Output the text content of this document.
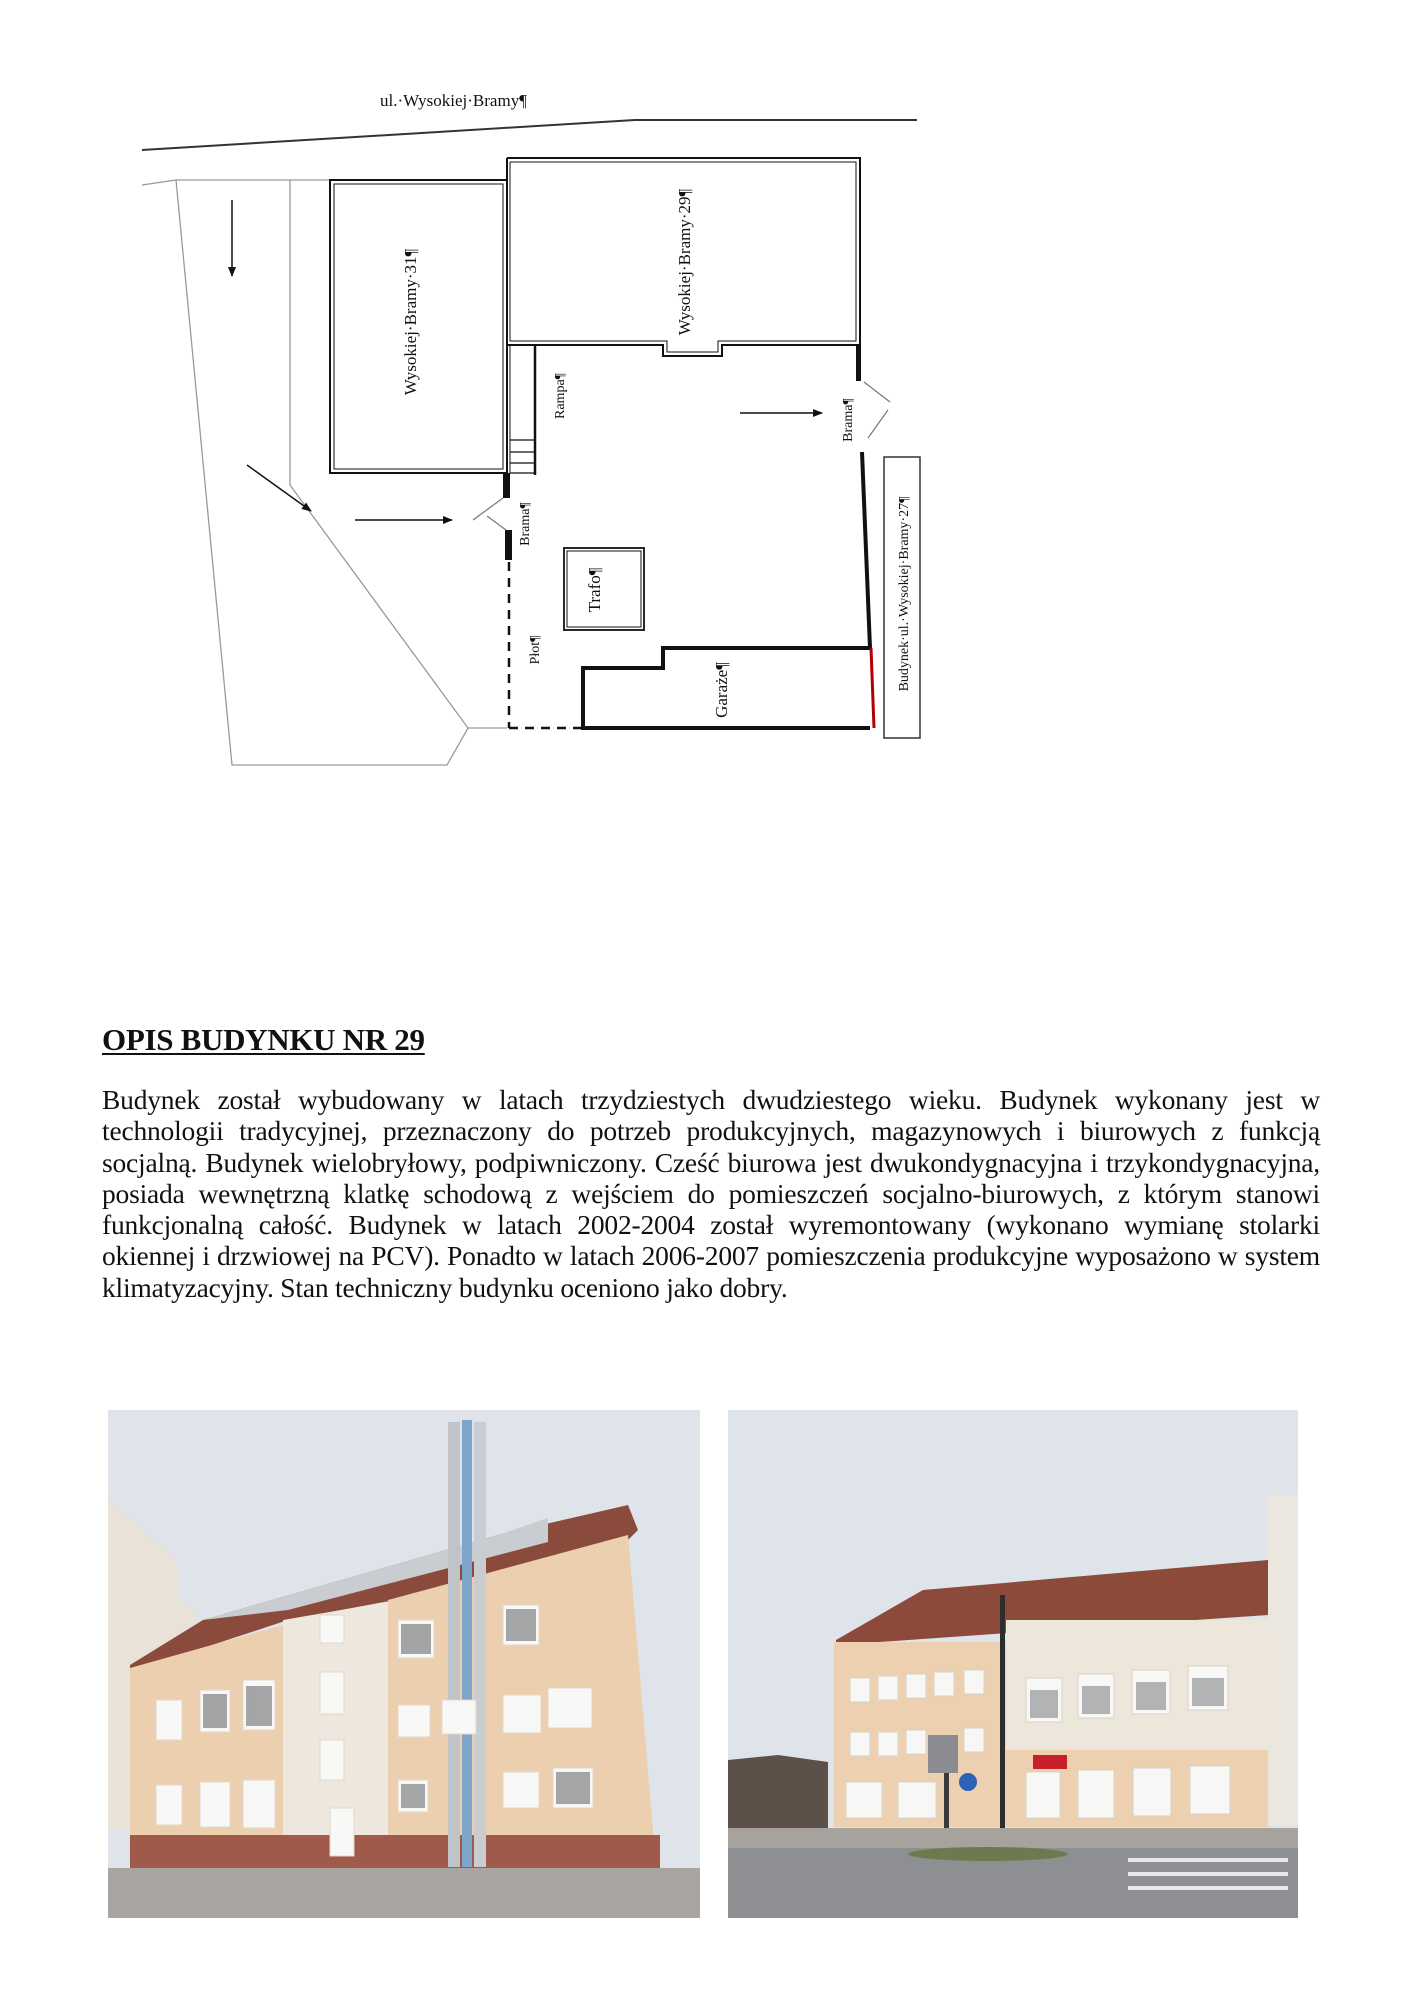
ul.·Wysokiej·Bramy¶
Wysokiej·Bramy·31¶	Wysokiej·Bramy·29¶
Rampa¶
Brama¶
Brama¶
Trafo¶
Płot¶
Garaże¶	Budynek·ul.·Wysokiej·Bramy·27¶
OPIS BUDYNKU NR 29

Budynek został wybudowany w latach trzydziestych dwudziestego wieku. Budynek wykonany jest w technologii tradycyjnej, przeznaczony do potrzeb produkcyjnych, magazynowych i biurowych z funkcją socjalną. Budynek wielobryłowy, podpiwniczony. Cześć biurowa jest dwukondygnacyjna i trzykondygnacyjna, posiada wewnętrzną klatkę schodową z wejściem do pomieszczeń socjalno-biurowych, z którym stanowi funkcjonalną całość. Budynek w latach 2002-2004 został wyremontowany (wykonano wymianę stolarki okiennej i drzwiowej na PCV). Ponadto w latach 2006-2007 pomieszczenia produkcyjne wyposażono w system klimatyzacyjny. Stan techniczny budynku oceniono jako dobry.
